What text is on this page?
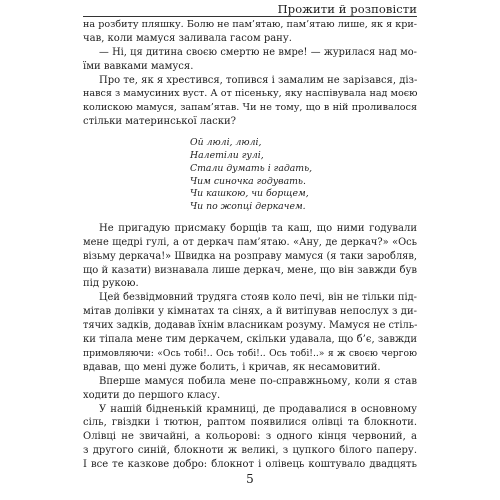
Прожити й розповісти
на розбиту пляшку. Болю не пам’ятаю, пам’ятаю лише, як я кри-
чав, коли мамуся заливала гасом рану.
— Ні, ця дитина своєю смертю не вмре! — журилася над мо-
їми вавками мамуся.
Про те, як я хрестився, топився і замалим не зарізався, діз-
нався з мамусиних вуст. А от пісеньку, яку наспівувала над моєю
колискою мамуся, запам’ятав. Чи не тому, що в ній проливалося
стільки материнської ласки?
Ой люлі, люлі,
Налетіли гулі,
Стали думать і гадать,
Чим синочка годувать.
Чи кашкою, чи борщем,
Чи по жопці деркачем.
Не пригадую присмаку борщів та каш, що ними годували
мене щедрі гулі, а от деркач пам’ятаю. «Ану, де деркач?» «Ось
візьму деркача!» Швидка на розправу мамуся (я таки заробляв,
що й казати) визнавала лише деркач, мене, що він завжди був
під рукою.
Цей безвідмовний трудяга стояв коло печі, він не тільки під-
мітав долівки у кімнатах та сінях, а й витіпував непослух з ди-
тячих задків, додавав їхнім власникам розуму. Мамуся не стіль-
ки тіпала мене тим деркачем, скільки удавала, що б’є, завжди
примовляючи: «Ось тобі!.. Ось тобі!.. Ось тобі!..» я ж своєю чергою
вдавав, що мені дуже болить, і кричав, як несамовитий.
Вперше мамуся побила мене по-справжньому, коли я став
ходити до першого класу.
У нашій бідненькій крамниці, де продавалися в основному
сіль, гвіздки і тютюн, раптом появилися олівці та блокноти.
Олівці не звичайні, а кольорові: з одного кінця червоний, а
з другого синій, блокноти ж великі, з цупкого білого паперу.
І все те казкове добро: блокнот і олівець коштувало двадцять
5
